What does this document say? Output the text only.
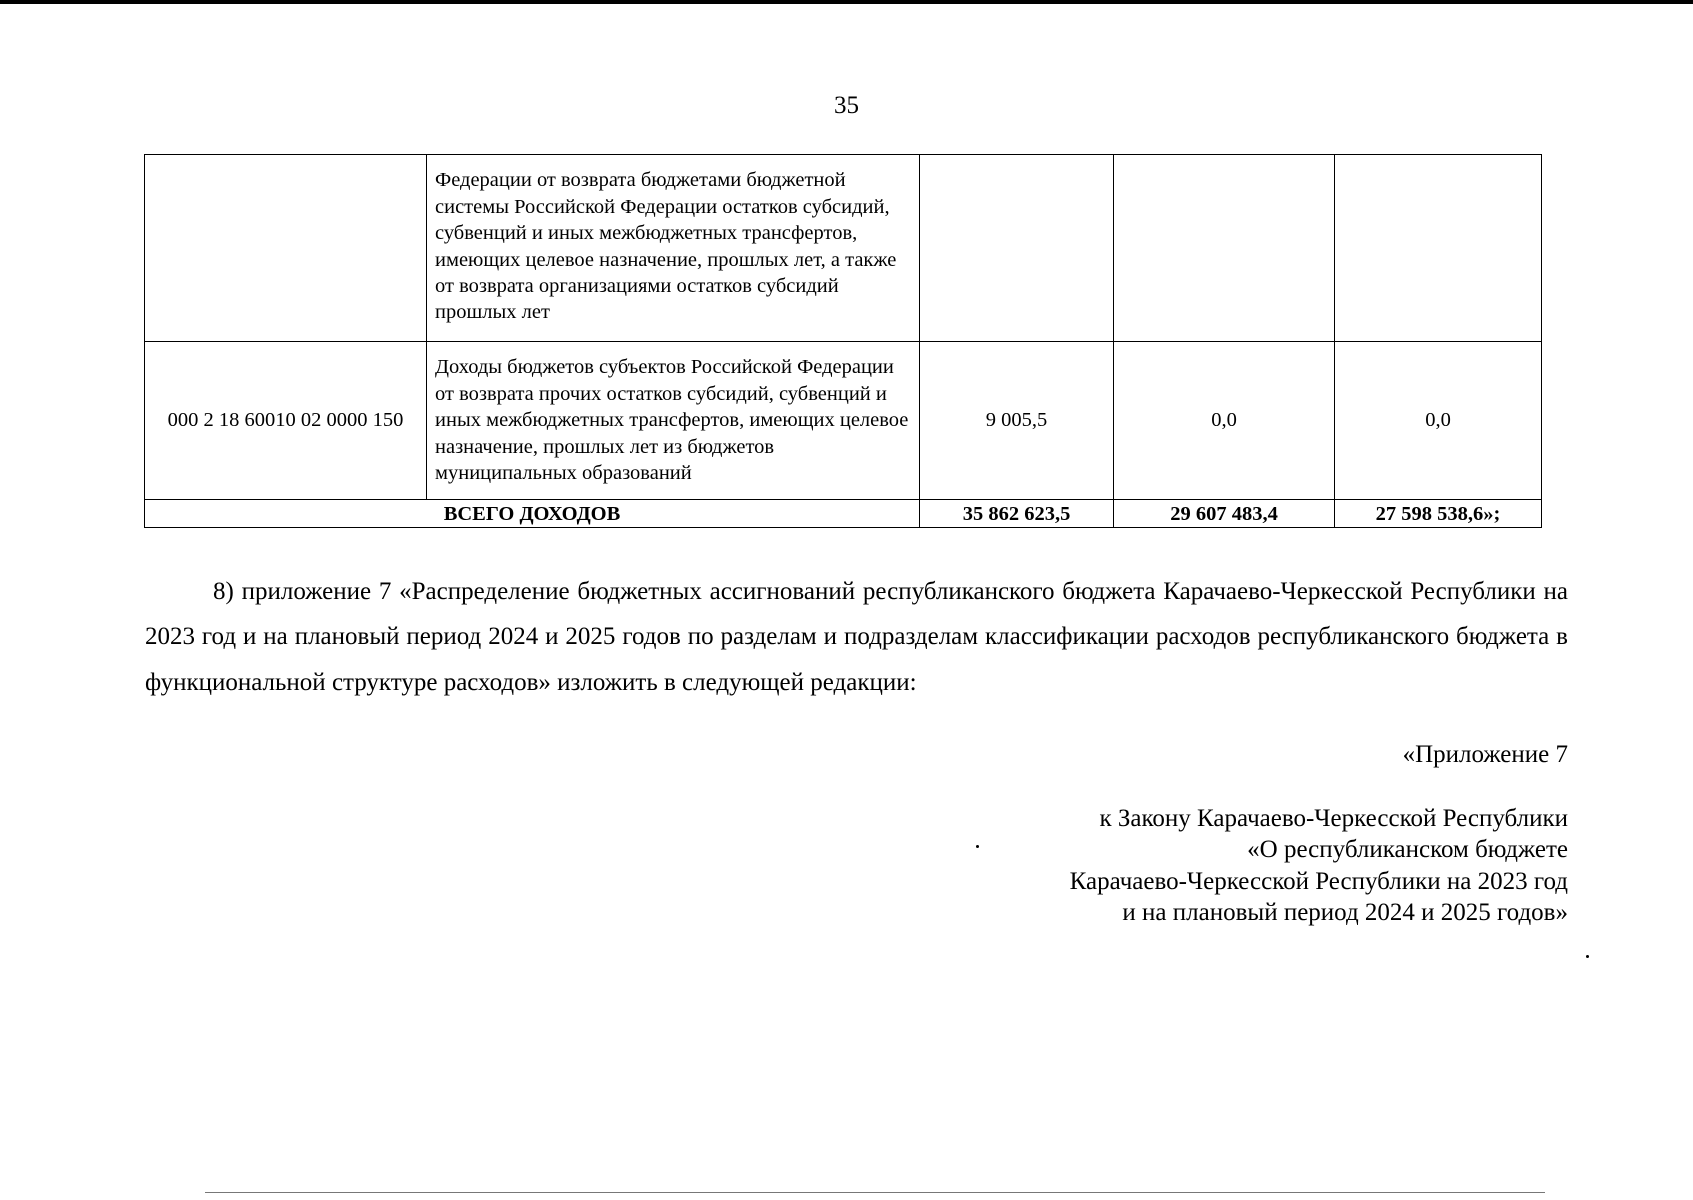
35
	Федерации от возврата бюджетами бюджетной системы Российской Федерации остатков субсидий, субвенций и иных межбюджетных трансфертов, имеющих целевое назначение, прошлых лет, а также от возврата организациями остатков субсидий прошлых лет			
000 2 18 60010 02 0000 150	Доходы бюджетов субъектов Российской Федерации от возврата прочих остатков субсидий, субвенций и иных межбюджетных трансфертов, имеющих целевое назначение, прошлых лет из бюджетов муниципальных образований	9 005,5	0,0	0,0
ВСЕГО ДОХОДОВ		35 862 623,5	29 607 483,4	27 598 538,6»;

8) приложение 7 «Распределение бюджетных ассигнований республиканского бюджета Карачаево-Черкесской Республики на 2023 год и на плановый период 2024 и 2025 годов по разделам и подразделам классификации расходов республиканского бюджета в функциональной структуре расходов» изложить в следующей редакции:

«Приложение 7
к Закону Карачаево-Черкесской Республики
«О республиканском бюджете
Карачаево-Черкесской Республики на 2023 год
и на плановый период 2024 и 2025 годов»
